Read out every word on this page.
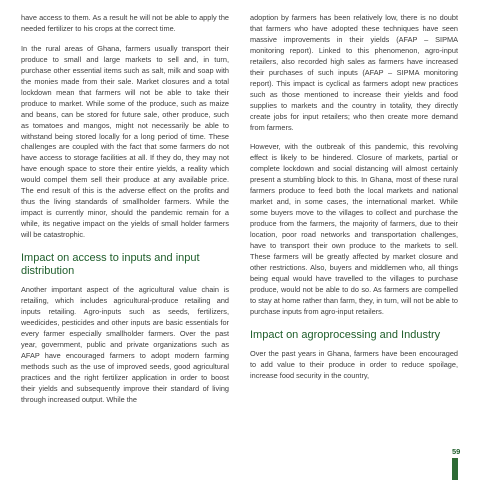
have access to them. As a result he will not be able to apply the needed fertilizer to his crops at the correct time.

In the rural areas of Ghana, farmers usually transport their produce to small and large markets to sell and, in turn, purchase other essential items such as salt, milk and soap with the monies made from their sale. Market closures and a total lockdown mean that farmers will not be able to take their produce to market. While some of the produce, such as maize and beans, can be stored for future sale, other produce, such as tomatoes and mangos, might not necessarily be able to withstand being stored locally for a long period of time. These challenges are coupled with the fact that some farmers do not have access to storage facilities at all. If they do, they may not have enough space to store their entire yields, a reality which would compel them sell their produce at any available price. The end result of this is the adverse effect on the profits and thus the living standards of smallholder farmers. While the impact is currently minor, should the pandemic remain for a while, its negative impact on the yields of small holder farmers will be catastrophic.

Impact on access to inputs and input distribution

Another important aspect of the agricultural value chain is retailing, which includes agricultural-produce retailing and inputs retailing. Agro-inputs such as seeds, fertilizers, weedicides, pesticides and other inputs are basic essentials for every farmer especially smallholder farmers. Over the past year, government, public and private organizations such as AFAP have encouraged farmers to adopt modern farming methods such as the use of improved seeds, good agricultural practices and the right fertilizer application in order to boost their yields and subsequently improve their standard of living through increased output. While the

adoption by farmers has been relatively low, there is no doubt that farmers who have adopted these techniques have seen massive improvements in their yields (AFAP – SIPMA monitoring report). Linked to this phenomenon, agro-input retailers, also recorded high sales as farmers have increased their purchases of such inputs (AFAP – SIPMA monitoring report). This impact is cyclical as farmers adopt new practices such as those mentioned to increase their yields and food supplies to markets and the country in totality, they directly create jobs for input retailers; who then create more demand from farmers.

However, with the outbreak of this pandemic, this revolving effect is likely to be hindered. Closure of markets, partial or complete lockdown and social distancing will almost certainly present a stumbling block to this. In Ghana, most of these rural farmers produce to feed both the local markets and national market and, in some cases, the international market. While some buyers move to the villages to collect and purchase the produce from the farmers, the majority of farmers, due to their location, poor road networks and transportation challenges, have to transport their own produce to the markets to sell. These farmers will be greatly affected by market closure and other restrictions. Also, buyers and middlemen who, all things being equal would have travelled to the villages to purchase produce, would not be able to do so. As farmers are compelled to stay at home rather than farm, they, in turn, will not be able to purchase inputs from agro-input retailers.

Impact on agroprocessing and Industry

Over the past years in Ghana, farmers have been encouraged to add value to their produce in order to reduce spoilage, increase food security in the country,

59
